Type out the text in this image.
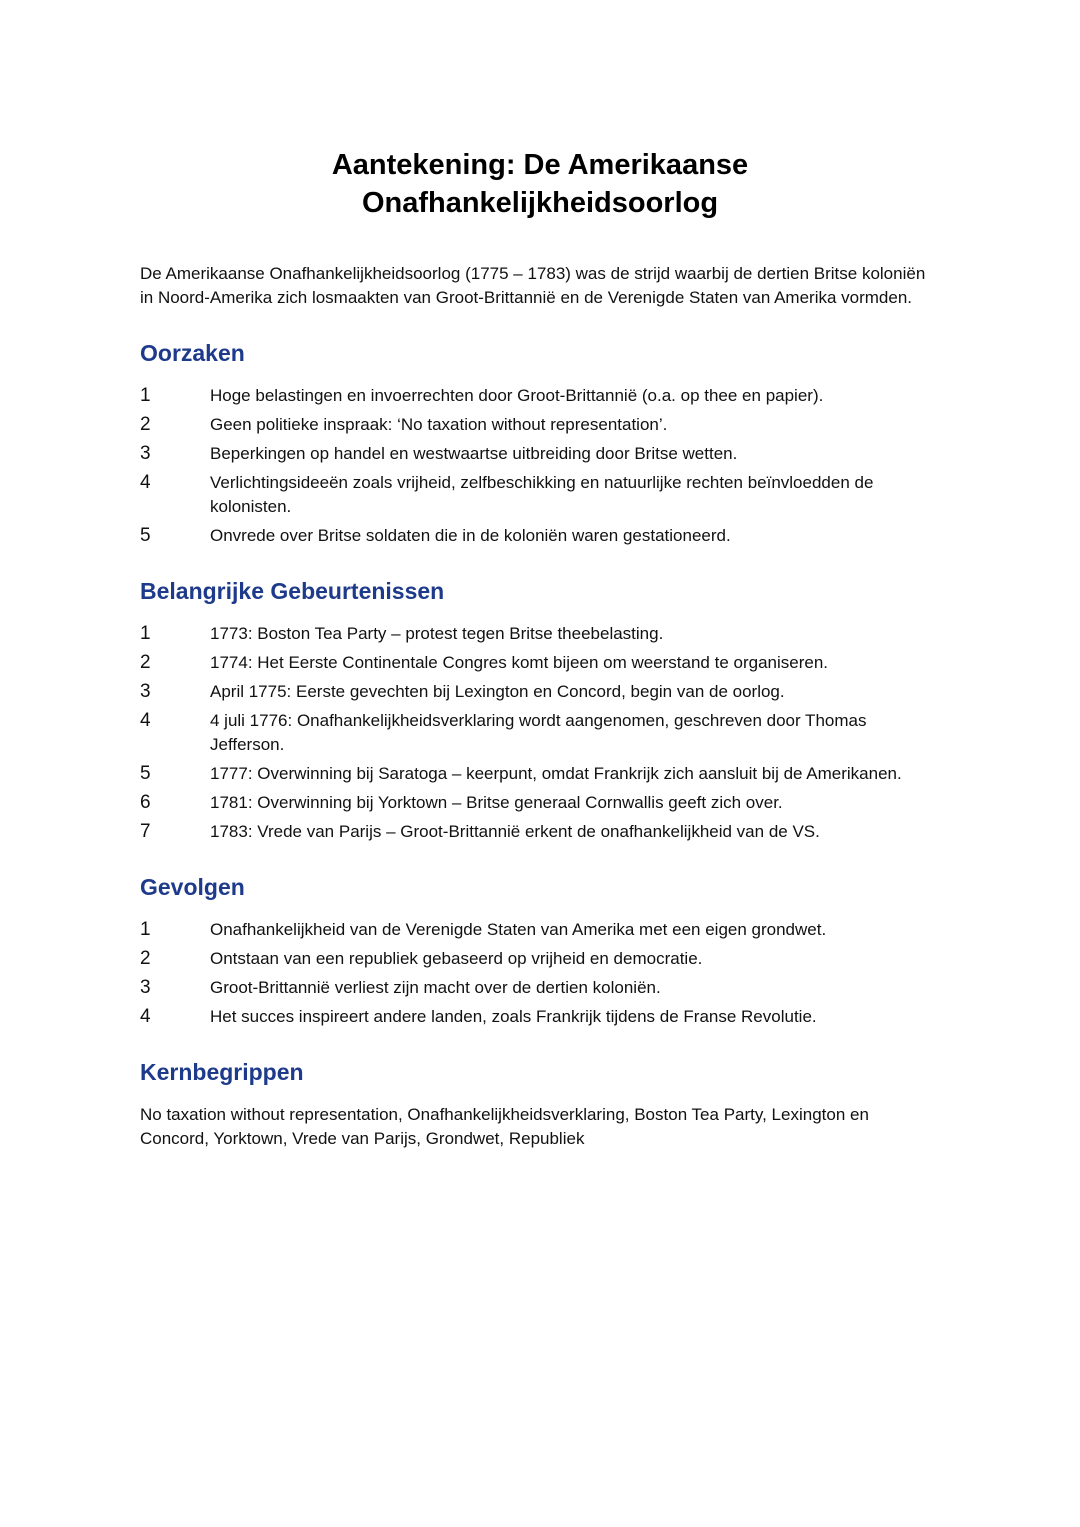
Aantekening: De Amerikaanse
Onafhankelijkheidsoorlog

De Amerikaanse Onafhankelijkheidsoorlog (1775 – 1783) was de strijd waarbij de dertien Britse koloniën in Noord-Amerika zich losmaakten van Groot-Brittannië en de Verenigde Staten van Amerika vormden.

Oorzaken
1	Hoge belastingen en invoerrechten door Groot-Brittannië (o.a. op thee en papier).
2	Geen politieke inspraak: ‘No taxation without representation’.
3	Beperkingen op handel en westwaartse uitbreiding door Britse wetten.
4	Verlichtingsideeën zoals vrijheid, zelfbeschikking en natuurlijke rechten beïnvloedden de kolonisten.
5	Onvrede over Britse soldaten die in de koloniën waren gestationeerd.
Belangrijke Gebeurtenissen
1	1773: Boston Tea Party – protest tegen Britse theebelasting.
2	1774: Het Eerste Continentale Congres komt bijeen om weerstand te organiseren.
3	April 1775: Eerste gevechten bij Lexington en Concord, begin van de oorlog.
4	4 juli 1776: Onafhankelijkheidsverklaring wordt aangenomen, geschreven door Thomas Jefferson.
5	1777: Overwinning bij Saratoga – keerpunt, omdat Frankrijk zich aansluit bij de Amerikanen.
6	1781: Overwinning bij Yorktown – Britse generaal Cornwallis geeft zich over.
7	1783: Vrede van Parijs – Groot-Brittannië erkent de onafhankelijkheid van de VS.
Gevolgen
1	Onafhankelijkheid van de Verenigde Staten van Amerika met een eigen grondwet.
2	Ontstaan van een republiek gebaseerd op vrijheid en democratie.
3	Groot-Brittannië verliest zijn macht over de dertien koloniën.
4	Het succes inspireert andere landen, zoals Frankrijk tijdens de Franse Revolutie.
Kernbegrippen

No taxation without representation, Onafhankelijkheidsverklaring, Boston Tea Party, Lexington en Concord, Yorktown, Vrede van Parijs, Grondwet, Republiek
